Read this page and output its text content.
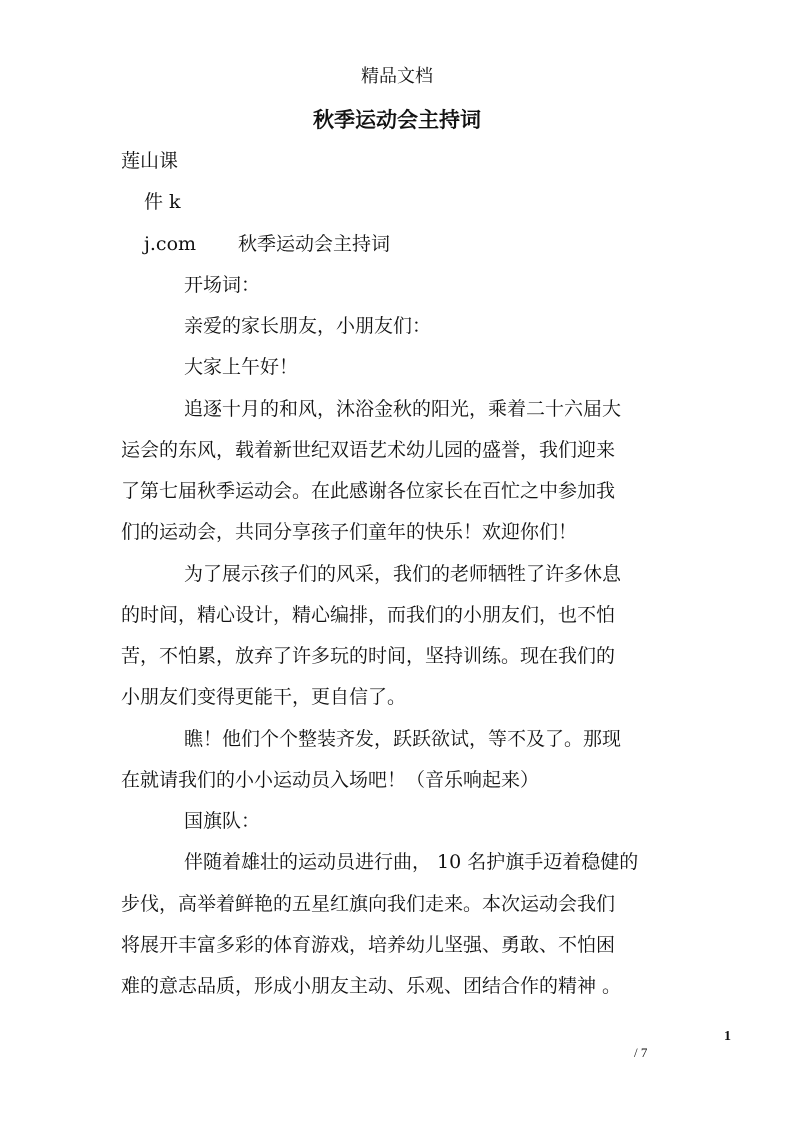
精品文档
秋季运动会主持词
莲山课
件 k
j.com 秋季运动会主持词
开场词：
亲爱的家长朋友，小朋友们：
大家上午好！
追逐十月的和风，沐浴金秋的阳光，乘着二十六届大
运会的东风，载着新世纪双语艺术幼儿园的盛誉，我们迎来
了第七届秋季运动会。在此感谢各位家长在百忙之中参加我
们的运动会，共同分享孩子们童年的快乐！欢迎你们！
为了展示孩子们的风采，我们的老师牺牲了许多休息
的时间，精心设计，精心编排，而我们的小朋友们，也不怕
苦，不怕累，放弃了许多玩的时间，坚持训练。现在我们的
小朋友们变得更能干，更自信了。
瞧！他们个个整装齐发，跃跃欲试，等不及了。那现
在就请我们的小小运动员入场吧！（音乐响起来）
国旗队：
伴随着雄壮的运动员进行曲， 10 名护旗手迈着稳健的
步伐，高举着鲜艳的五星红旗向我们走来。本次运动会我们
将展开丰富多彩的体育游戏，培养幼儿坚强、勇敢、不怕困
难的意志品质，形成小朋友主动、乐观、团结合作的精神 。
1
/ 7
